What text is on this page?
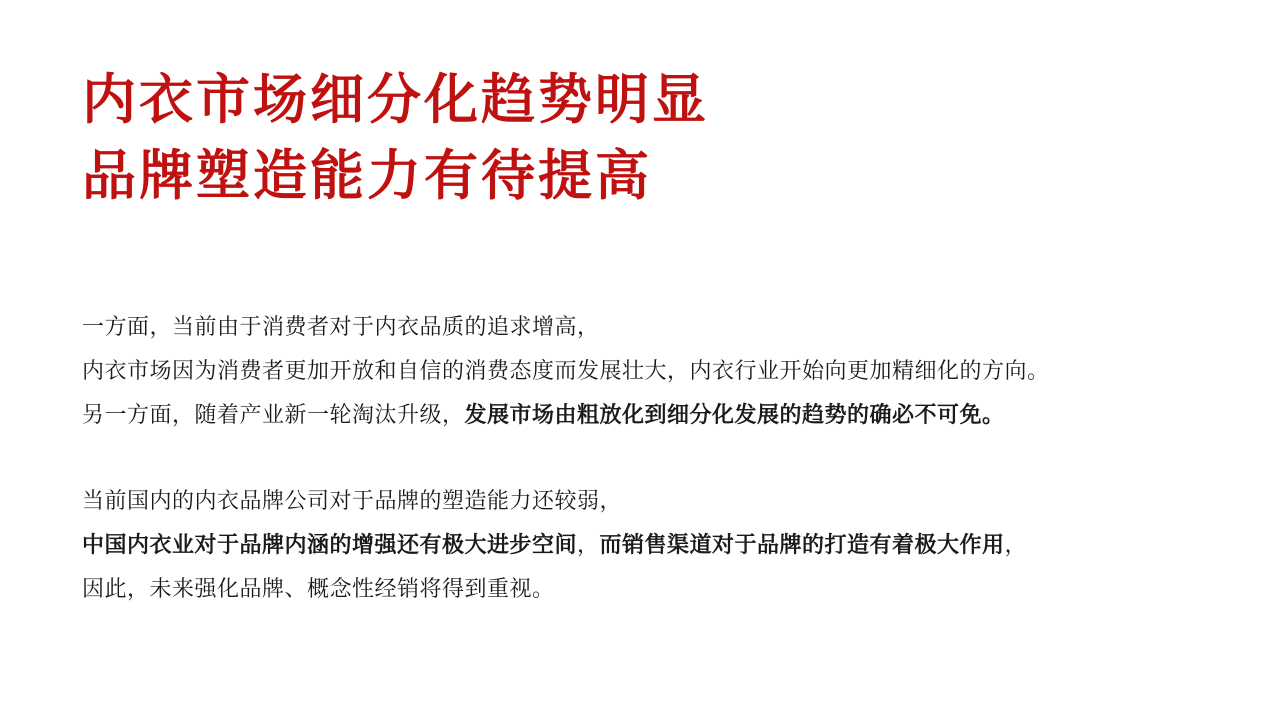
内衣市场细分化趋势明显
品牌塑造能力有待提高
一方面，当前由于消费者对于内衣品质的追求增高，
内衣市场因为消费者更加开放和自信的消费态度而发展壮大，内衣行业开始向更加精细化的方向。
另一方面，随着产业新一轮淘汰升级，发展市场由粗放化到细分化发展的趋势的确必不可免。
当前国内的内衣品牌公司对于品牌的塑造能力还较弱，
中国内衣业对于品牌内涵的增强还有极大进步空间，而销售渠道对于品牌的打造有着极大作用，
因此，未来强化品牌、概念性经销将得到重视。
